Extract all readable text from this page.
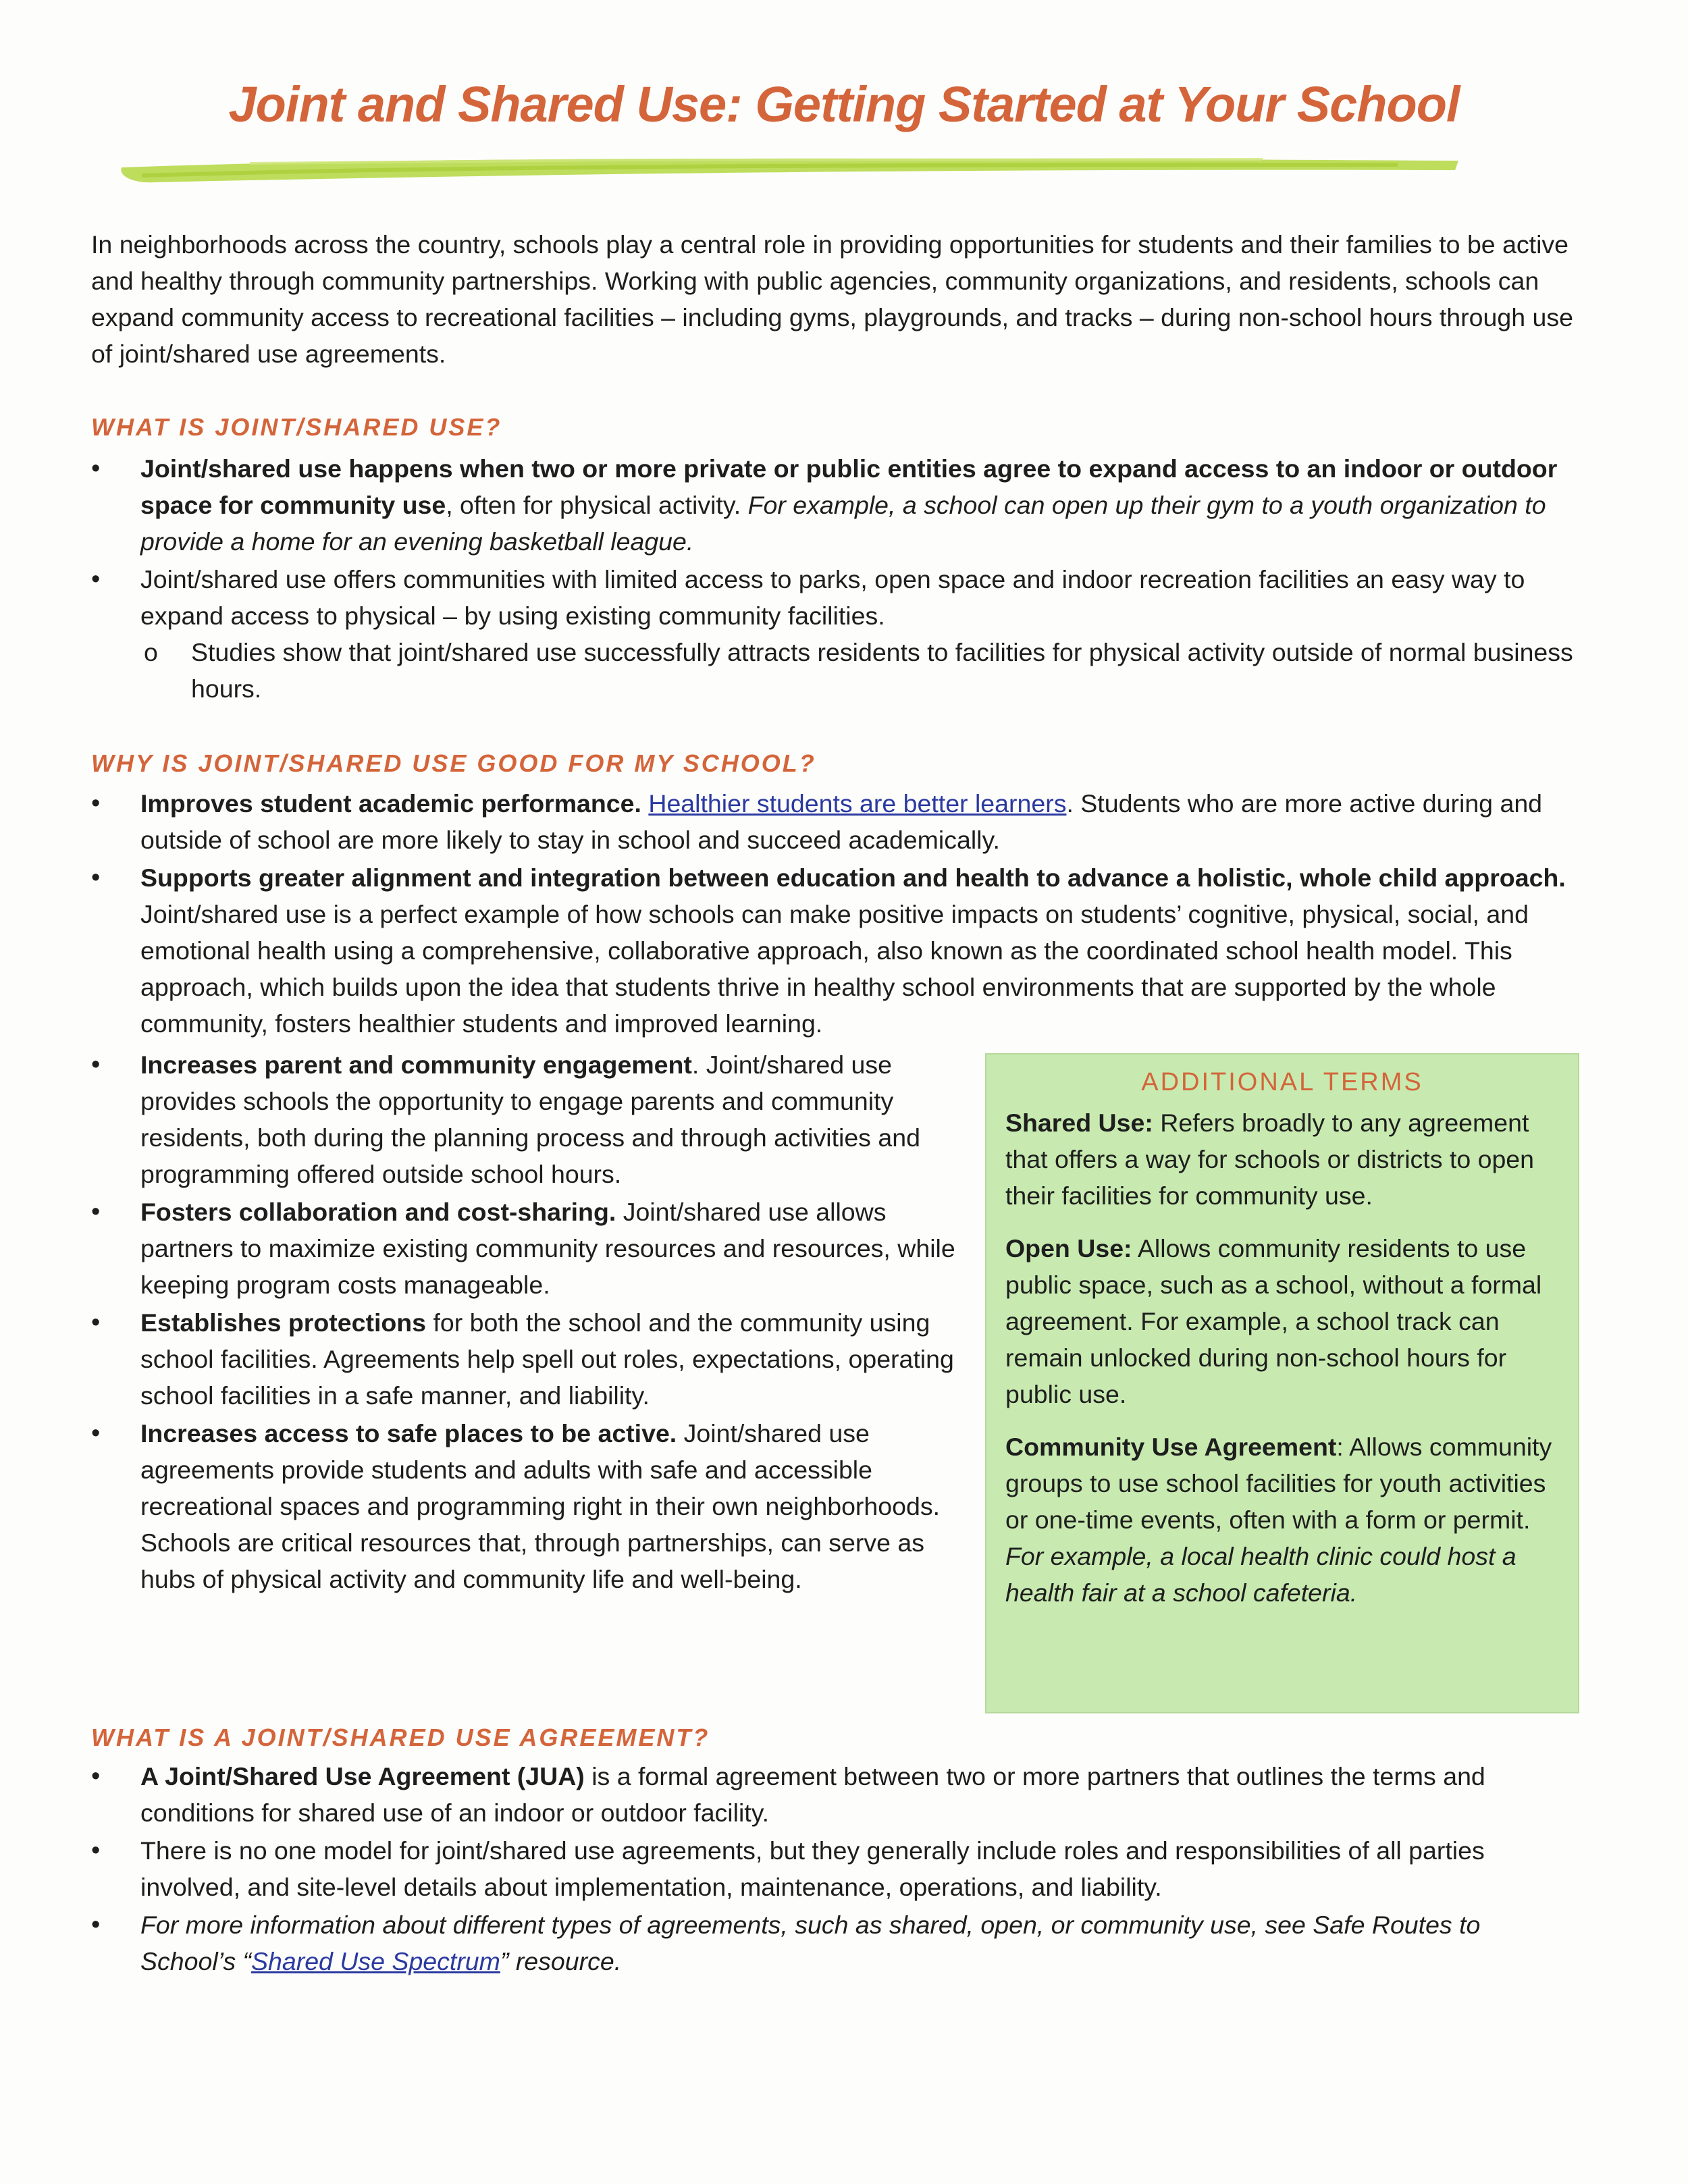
Joint and Shared Use: Getting Started at Your School

In neighborhoods across the country, schools play a central role in providing opportunities for students and their families to be active and healthy through community partnerships. Working with public agencies, community organizations, and residents, schools can expand community access to recreational facilities – including gyms, playgrounds, and tracks – during non-school hours through use of joint/shared use agreements.

WHAT IS JOINT/SHARED USE?
• Joint/shared use happens when two or more private or public entities agree to expand access to an indoor or outdoor space for community use, often for physical activity. For example, a school can open up their gym to a youth organization to provide a home for an evening basketball league.
• Joint/shared use offers communities with limited access to parks, open space and indoor recreation facilities an easy way to expand access to physical – by using existing community facilities.
o Studies show that joint/shared use successfully attracts residents to facilities for physical activity outside of normal business hours.
WHY IS JOINT/SHARED USE GOOD FOR MY SCHOOL?
• Improves student academic performance. Healthier students are better learners. Students who are more active during and outside of school are more likely to stay in school and succeed academically.
• Supports greater alignment and integration between education and health to advance a holistic, whole child approach. Joint/shared use is a perfect example of how schools can make positive impacts on students’ cognitive, physical, social, and emotional health using a comprehensive, collaborative approach, also known as the coordinated school health model. This approach, which builds upon the idea that students thrive in healthy school environments that are supported by the whole community, fosters healthier students and improved learning.
• Increases parent and community engagement. Joint/shared use provides schools the opportunity to engage parents and community residents, both during the planning process and through activities and programming offered outside school hours.
• Fosters collaboration and cost-sharing. Joint/shared use allows partners to maximize existing community resources and resources, while keeping program costs manageable.
• Establishes protections for both the school and the community using school facilities. Agreements help spell out roles, expectations, operating school facilities in a safe manner, and liability.
• Increases access to safe places to be active. Joint/shared use agreements provide students and adults with safe and accessible recreational spaces and programming right in their own neighborhoods. Schools are critical resources that, through partnerships, can serve as hubs of physical activity and community life and well-being.
ADDITIONAL TERMS

Shared Use: Refers broadly to any agreement that offers a way for schools or districts to open their facilities for community use.

Open Use: Allows community residents to use public space, such as a school, without a formal agreement. For example, a school track can remain unlocked during non-school hours for public use.

Community Use Agreement: Allows community groups to use school facilities for youth activities or one-time events, often with a form or permit. For example, a local health clinic could host a health fair at a school cafeteria.

WHAT IS A JOINT/SHARED USE AGREEMENT?
• A Joint/Shared Use Agreement (JUA) is a formal agreement between two or more partners that outlines the terms and conditions for shared use of an indoor or outdoor facility.
• There is no one model for joint/shared use agreements, but they generally include roles and responsibilities of all parties involved, and site-level details about implementation, maintenance, operations, and liability.
• For more information about different types of agreements, such as shared, open, or community use, see Safe Routes to School’s “Shared Use Spectrum” resource.
